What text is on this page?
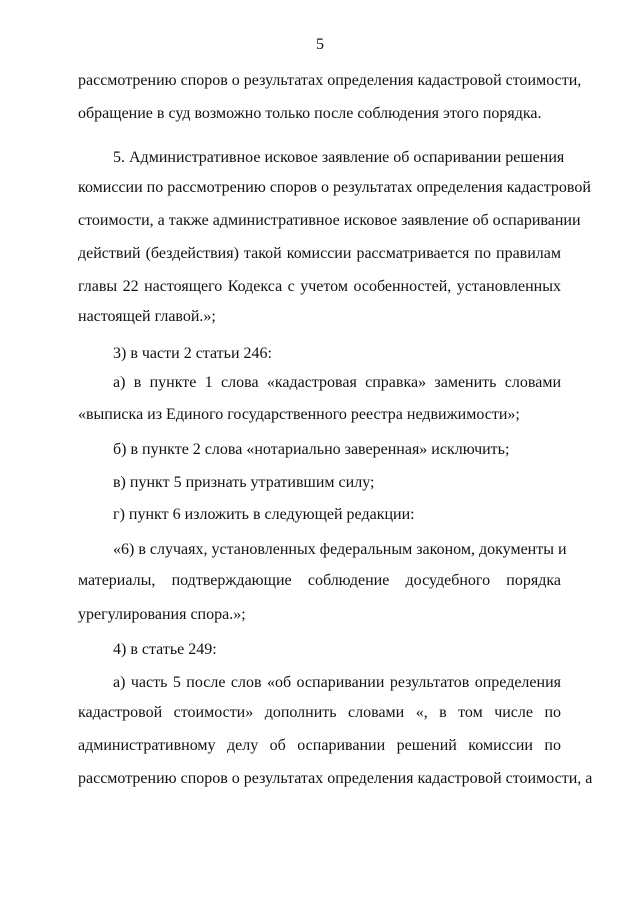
5
рассмотрению споров о результатах определения кадастровой стоимости,
обращение в суд возможно только после соблюдения этого порядка.
5. Административное исковое заявление об оспаривании решения
комиссии по рассмотрению споров о результатах определения кадастровой
стоимости, а также административное исковое заявление об оспаривании
действий (бездействия) такой комиссии рассматривается по правилам
главы 22 настоящего Кодекса с учетом особенностей, установленных
настоящей главой.»;
3) в части 2 статьи 246:
а) в пункте 1 слова «кадастровая справка» заменить словами
«выписка из Единого государственного реестра недвижимости»;
б) в пункте 2 слова «нотариально заверенная» исключить;
в) пункт 5 признать утратившим силу;
г) пункт 6 изложить в следующей редакции:
«6) в случаях, установленных федеральным законом, документы и
материалы, подтверждающие соблюдение досудебного порядка
урегулирования спора.»;
4) в статье 249:
а) часть 5 после слов «об оспаривании результатов определения
кадастровой стоимости» дополнить словами «, в том числе по
административному делу об оспаривании решений комиссии по
рассмотрению споров о результатах определения кадастровой стоимости, а
